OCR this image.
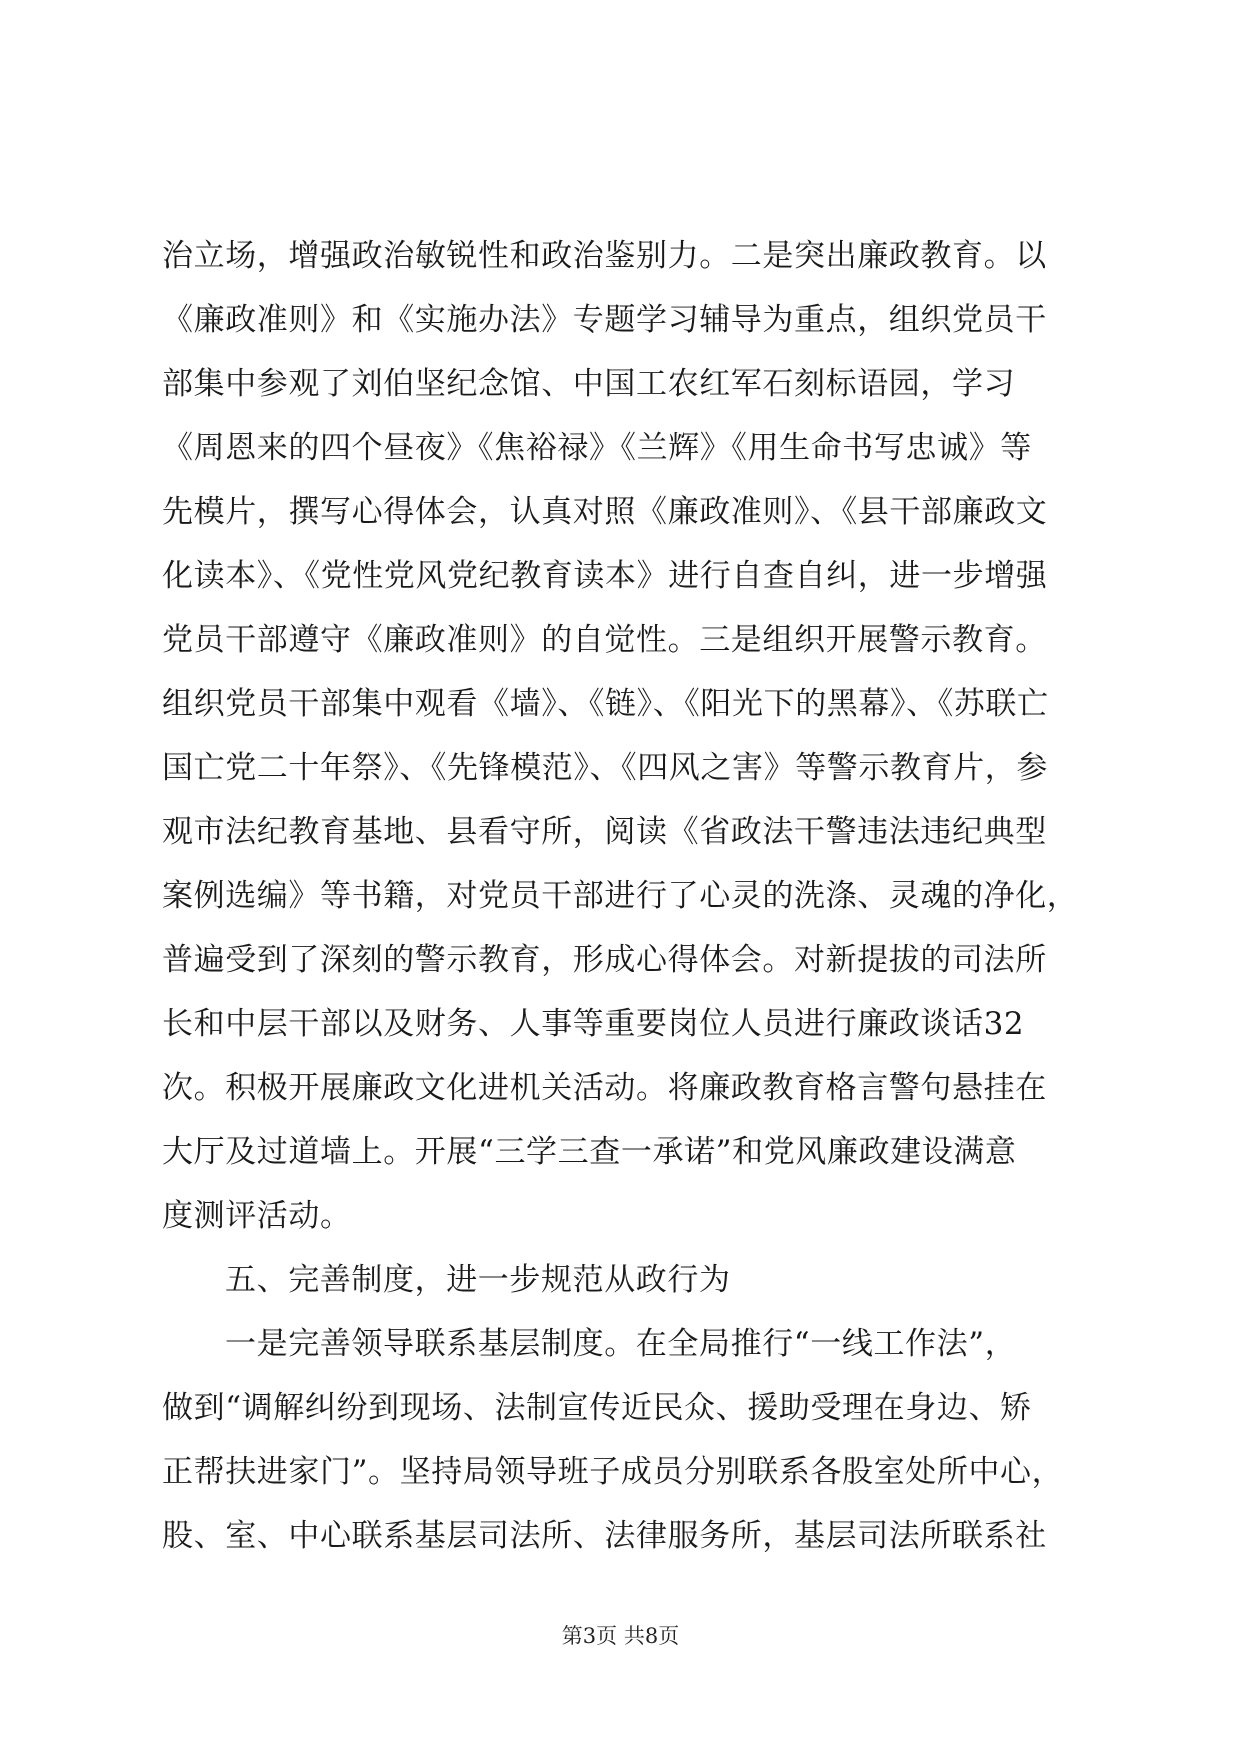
治立场，增强政治敏锐性和政治鉴别力。二是突出廉政教育。以
《廉政准则》和《实施办法》专题学习辅导为重点，组织党员干
部集中参观了刘伯坚纪念馆、中国工农红军石刻标语园，学习
《周恩来的四个昼夜》《焦裕禄》《兰辉》《用生命书写忠诚》等
先模片，撰写心得体会，认真对照《廉政准则》、《县干部廉政文
化读本》、《党性党风党纪教育读本》进行自查自纠，进一步增强
党员干部遵守《廉政准则》的自觉性。三是组织开展警示教育。
组织党员干部集中观看《墙》、《链》、《阳光下的黑幕》、《苏联亡
国亡党二十年祭》、《先锋模范》、《四风之害》等警示教育片，参
观市法纪教育基地、县看守所，阅读《省政法干警违法违纪典型
案例选编》等书籍，对党员干部进行了心灵的洗涤、灵魂的净化，
普遍受到了深刻的警示教育，形成心得体会。对新提拔的司法所
长和中层干部以及财务、人事等重要岗位人员进行廉政谈话32
次。积极开展廉政文化进机关活动。将廉政教育格言警句悬挂在
大厅及过道墙上。开展“三学三查一承诺”和党风廉政建设满意
度测评活动。
五、完善制度，进一步规范从政行为
一是完善领导联系基层制度。在全局推行“一线工作法”，
做到“调解纠纷到现场、法制宣传近民众、援助受理在身边、矫
正帮扶进家门”。坚持局领导班子成员分别联系各股室处所中心，
股、室、中心联系基层司法所、法律服务所，基层司法所联系社
第3页 共8页
